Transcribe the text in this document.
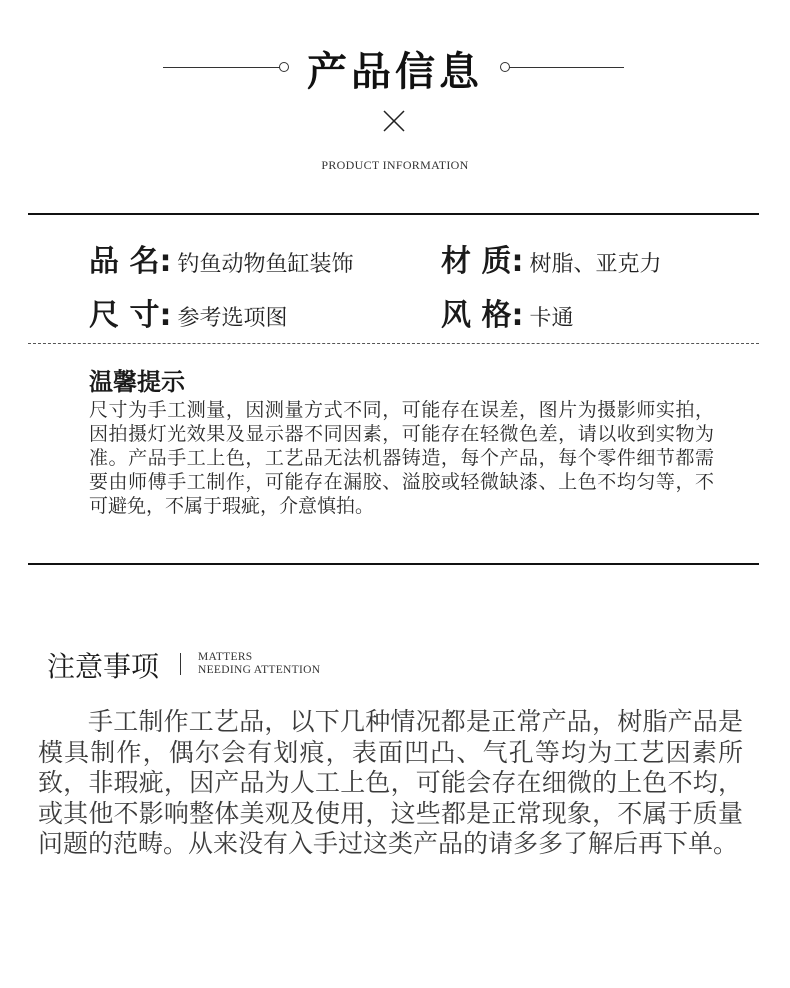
产品信息
PRODUCT INFORMATION
品 名: 钓鱼动物鱼缸装饰	材 质: 树脂、亚克力
尺 寸: 参考选项图	风 格: 卡通
温馨提示
尺寸为手工测量，因测量方式不同，可能存在误差，图片为摄影师实拍，因拍摄灯光效果及显示器不同因素，可能存在轻微色差，请以收到实物为准。产品手工上色，工艺品无法机器铸造，每个产品，每个零件细节都需要由师傅手工制作，可能存在漏胶、溢胶或轻微缺漆、上色不均匀等，不可避免，不属于瑕疵，介意慎拍。
注意事项	MATTERS
NEEDING ATTENTION

手工制作工艺品，以下几种情况都是正常产品，树脂产品是模具制作，偶尔会有划痕，表面凹凸、气孔等均为工艺因素所致，非瑕疵，因产品为人工上色，可能会存在细微的上色不均，或其他不影响整体美观及使用，这些都是正常现象，不属于质量问题的范畴。从来没有入手过这类产品的请多多了解后再下单。
